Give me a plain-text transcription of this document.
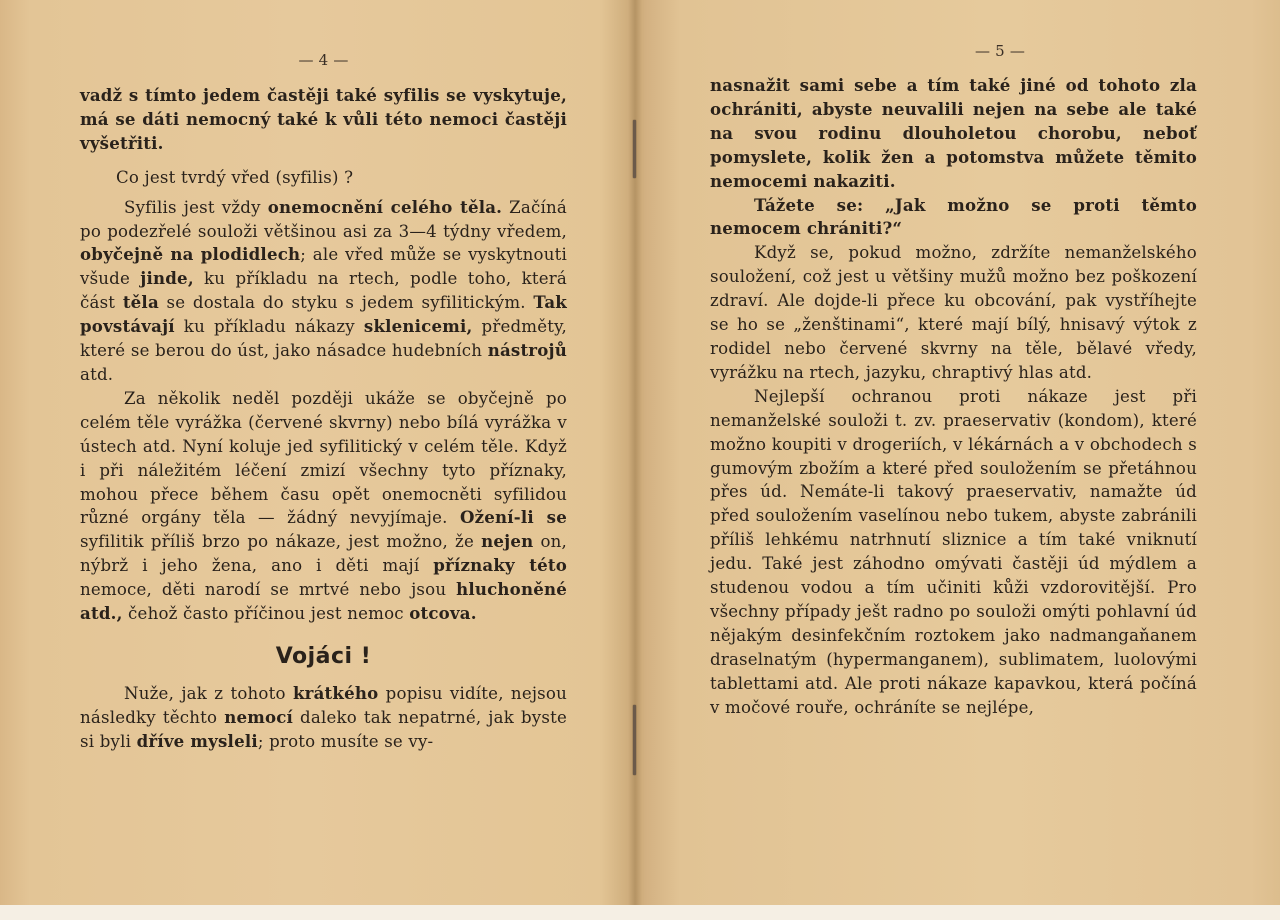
— 4 —

vadž s tímto jedem častěji také syfilis se vyskytuje, má se dáti nemocný také k vůli této nemoci častěji vyšetřiti.

Co jest tvrdý vřed (syfilis) ?

Syfilis jest vždy onemocnění celého těla. Začíná po podezřelé souloži většinou asi za 3—4 týdny vředem, obyčejně na plodidlech; ale vřed může se vyskytnouti všude jinde, ku příkladu na rtech, podle toho, která část těla se dostala do styku s jedem syfilitickým. Tak povstávají ku příkladu nákazy sklenicemi, předměty, které se berou do úst, jako násadce hudebních nástrojů atd.

Za několik neděl později ukáže se obyčejně po celém těle vyrážka (červené skvrny) nebo bílá vyrážka v ústech atd. Nyní koluje jed syfilitický v celém těle. Když i při náležitém léčení zmizí všechny tyto příznaky, mohou přece během času opět onemocněti syfilidou různé orgány těla — žádný nevyjímaje. Ožení-li se syfilitik příliš brzo po nákaze, jest možno, že nejen on, nýbrž i jeho žena, ano i děti mají příznaky této nemoce, děti narodí se mrtvé nebo jsou hluchoněné atd., čehož často příčinou jest nemoc otcova.

Vojáci !

Nuže, jak z tohoto krátkého popisu vidíte, nejsou následky těchto nemocí daleko tak nepatrné, jak byste si byli dříve mysleli; proto musíte se vy-

— 5 —

nasnažit sami sebe a tím také jiné od tohoto zla ochrániti, abyste neuvalili nejen na sebe ale také na svou rodinu dlouholetou chorobu, neboť pomyslete, kolik žen a potomstva můžete těmito nemocemi nakaziti.

Tážete se: „Jak možno se proti těmto nemocem chrániti?“

Když se, pokud možno, zdržíte nemanželského souložení, což jest u většiny mužů možno bez poškození zdraví. Ale dojde-li přece ku obcování, pak vystříhejte se ho se „ženštinami“, které mají bílý, hnisavý výtok z rodidel nebo červené skvrny na těle, bělavé vředy, vyrážku na rtech, jazyku, chraptivý hlas atd.

Nejlepší ochranou proti nákaze jest při nemanželské souloži t. zv. praeservativ (kondom), které možno koupiti v drogeriích, v lékárnách a v obchodech s gumovým zbožím a které před souložením se přetáhnou přes úd. Nemáte-li takový praeservativ, namažte úd před souložením vaselínou nebo tukem, abyste zabránili příliš lehkému natrhnutí sliznice a tím také vniknutí jedu. Také jest záhodno omývati častěji úd mýdlem a studenou vodou a tím učiniti kůži vzdorovitější. Pro všechny případy ješt radno po souloži omýti pohlavní úd nějakým desinfekčním roztokem jako nadmangaňanem draselnatým (hypermanganem), sublimatem, luolovými tablettami atd. Ale proti nákaze kapavkou, která počíná v močové rouře, ochráníte se nejlépe,
